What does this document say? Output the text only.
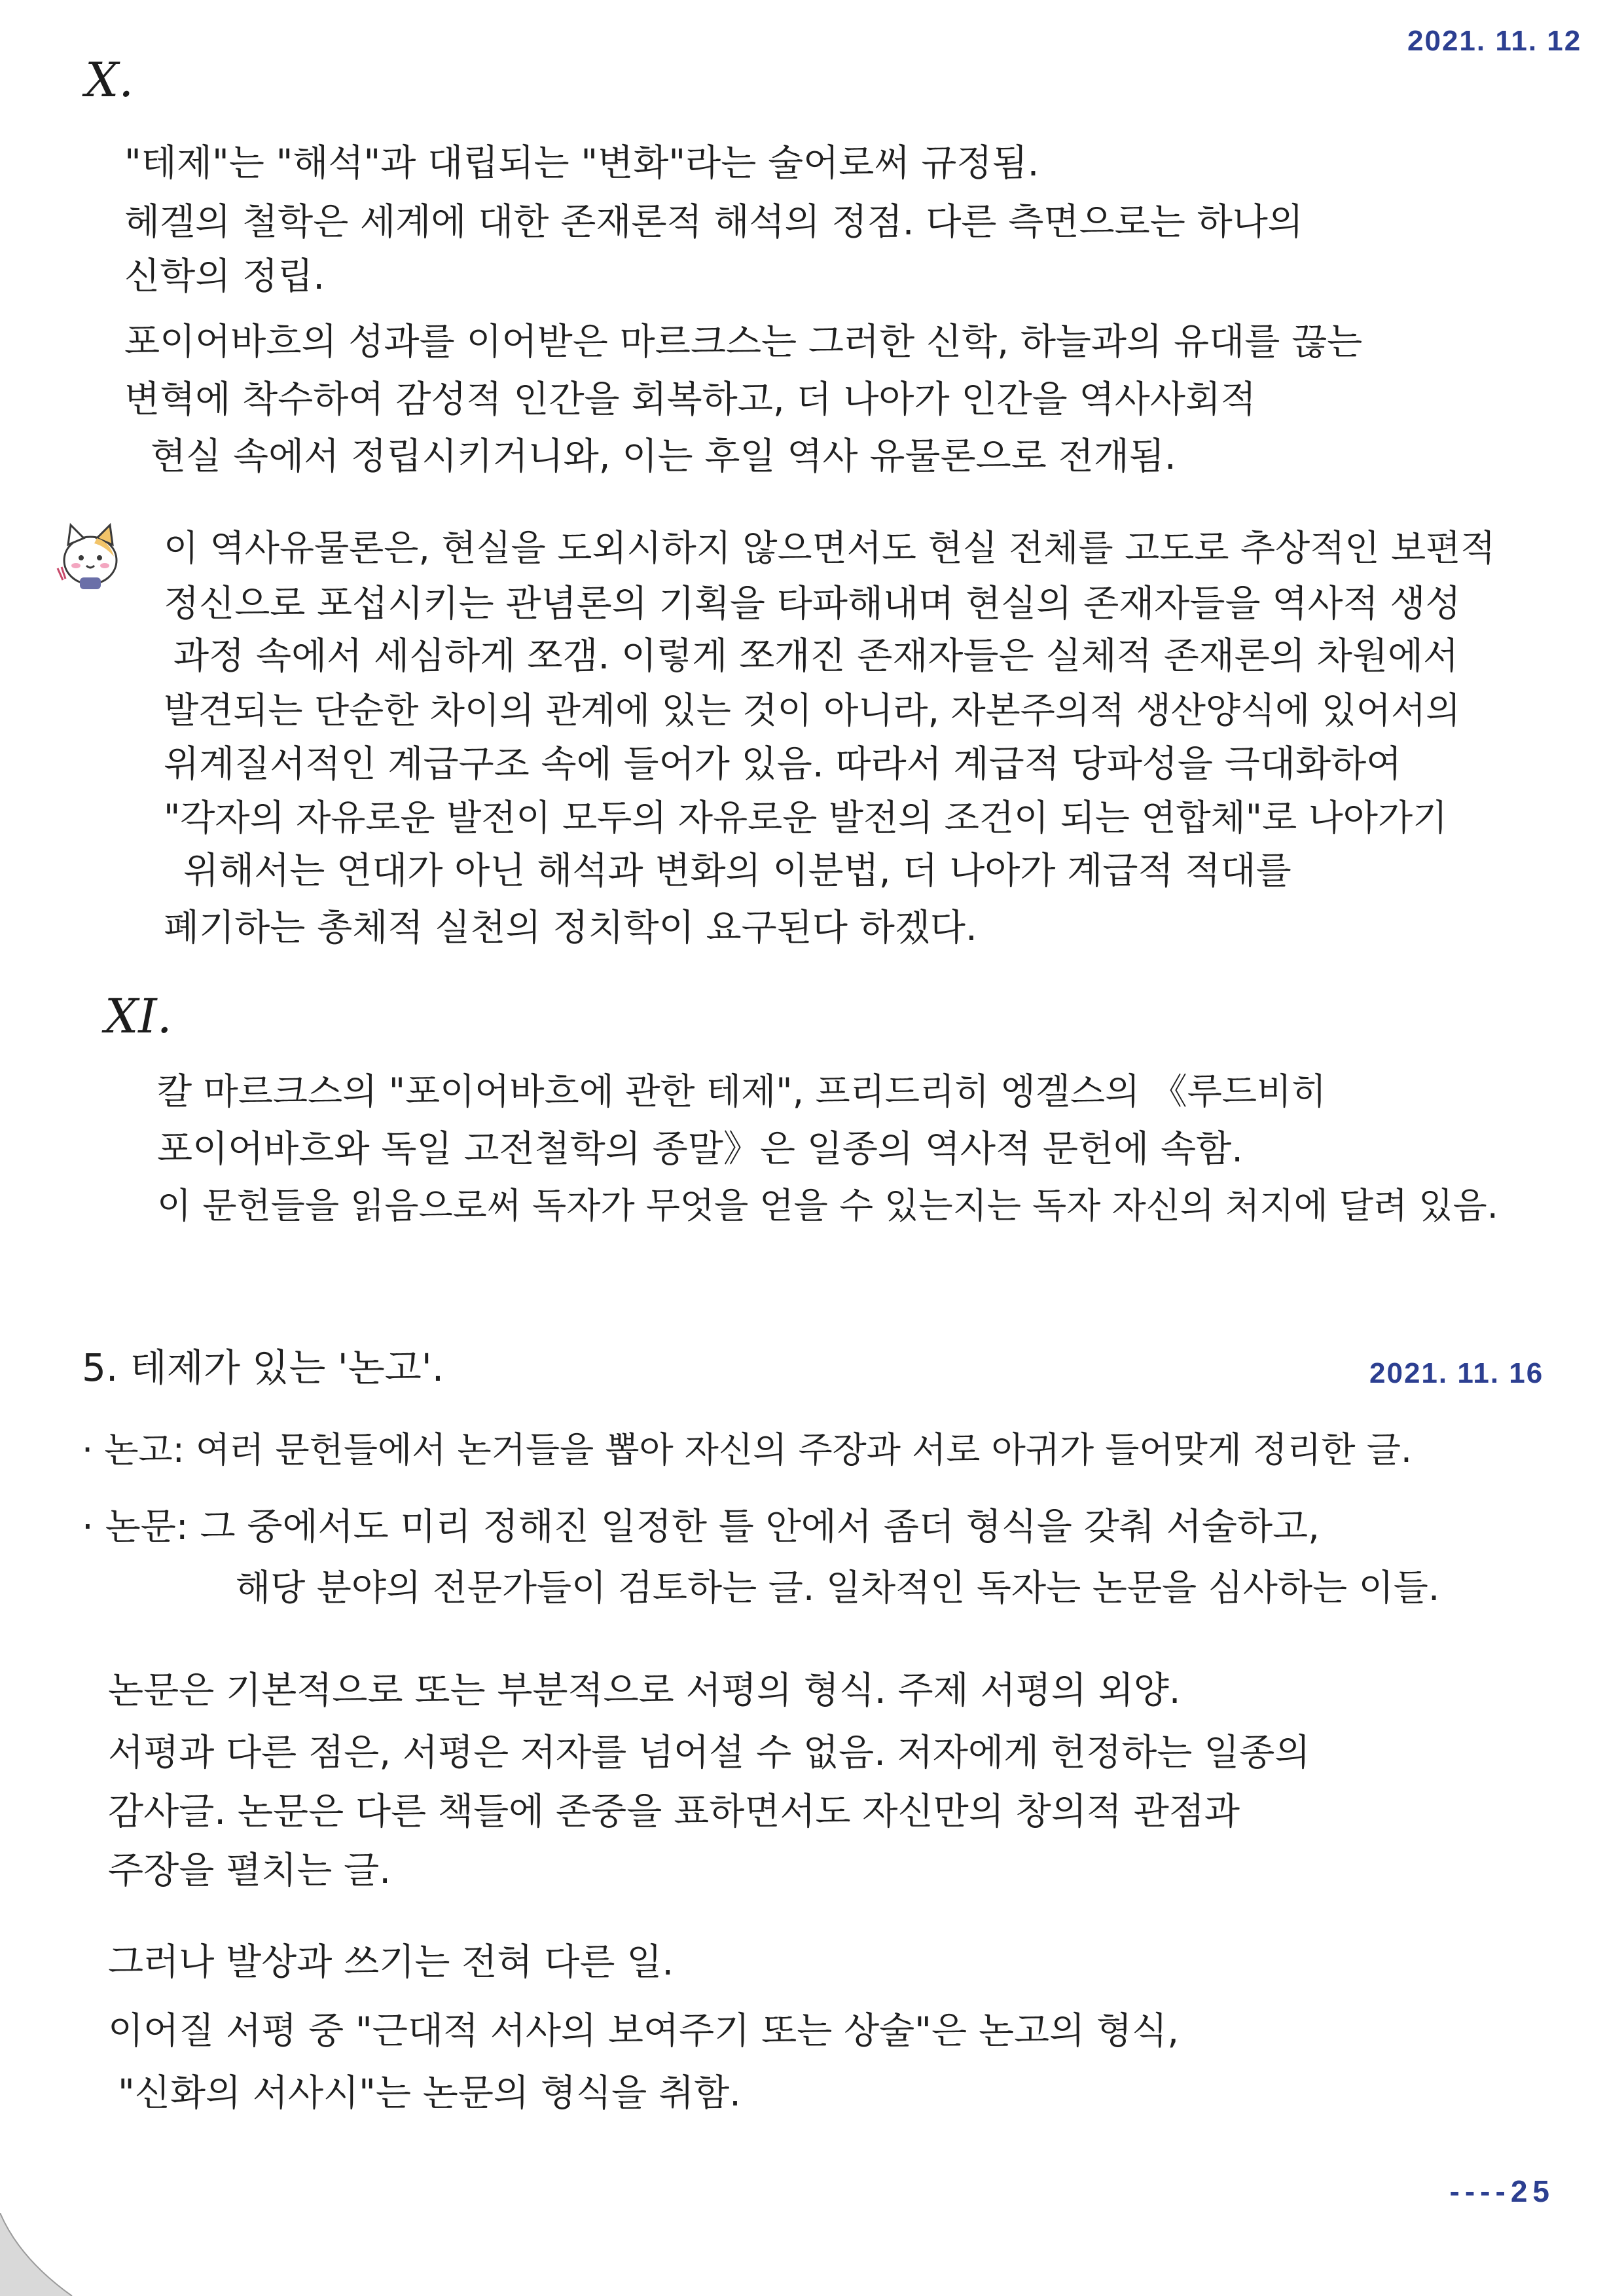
2021. 11. 12
X.
"테제"는 "해석"과 대립되는 "변화"라는 술어로써 규정됨.
헤겔의 철학은 세계에 대한 존재론적 해석의 정점. 다른 측면으로는 하나의
신학의 정립.
포이어바흐의 성과를 이어받은 마르크스는 그러한 신학, 하늘과의 유대를 끊는
변혁에 착수하여 감성적 인간을 회복하고, 더 나아가 인간을 역사사회적
현실 속에서 정립시키거니와, 이는 후일 역사 유물론으로 전개됨.
이 역사유물론은, 현실을 도외시하지 않으면서도 현실 전체를 고도로 추상적인 보편적
정신으로 포섭시키는 관념론의 기획을 타파해내며 현실의 존재자들을 역사적 생성
과정 속에서 세심하게 쪼갬. 이렇게 쪼개진 존재자들은 실체적 존재론의 차원에서
발견되는 단순한 차이의 관계에 있는 것이 아니라, 자본주의적 생산양식에 있어서의
위계질서적인 계급구조 속에 들어가 있음. 따라서 계급적 당파성을 극대화하여
"각자의 자유로운 발전이 모두의 자유로운 발전의 조건이 되는 연합체"로 나아가기
위해서는 연대가 아닌 해석과 변화의 이분법, 더 나아가 계급적 적대를
폐기하는 총체적 실천의 정치학이 요구된다 하겠다.
XI.
칼 마르크스의 "포이어바흐에 관한 테제", 프리드리히 엥겔스의 《루드비히
포이어바흐와 독일 고전철학의 종말》은 일종의 역사적 문헌에 속함.
이 문헌들을 읽음으로써 독자가 무엇을 얻을 수 있는지는 독자 자신의 처지에 달려 있음.
5. 테제가 있는 '논고'.	2021. 11. 16
· 논고: 여러 문헌들에서 논거들을 뽑아 자신의 주장과 서로 아귀가 들어맞게 정리한 글.
· 논문: 그 중에서도 미리 정해진 일정한 틀 안에서 좀더 형식을 갖춰 서술하고,
해당 분야의 전문가들이 검토하는 글. 일차적인 독자는 논문을 심사하는 이들.
논문은 기본적으로 또는 부분적으로 서평의 형식. 주제 서평의 외양.
서평과 다른 점은, 서평은 저자를 넘어설 수 없음. 저자에게 헌정하는 일종의
감사글. 논문은 다른 책들에 존중을 표하면서도 자신만의 창의적 관점과
주장을 펼치는 글.
그러나 발상과 쓰기는 전혀 다른 일.
이어질 서평 중 "근대적 서사의 보여주기 또는 상술"은 논고의 형식,
"신화의 서사시"는 논문의 형식을 취함.
----25
